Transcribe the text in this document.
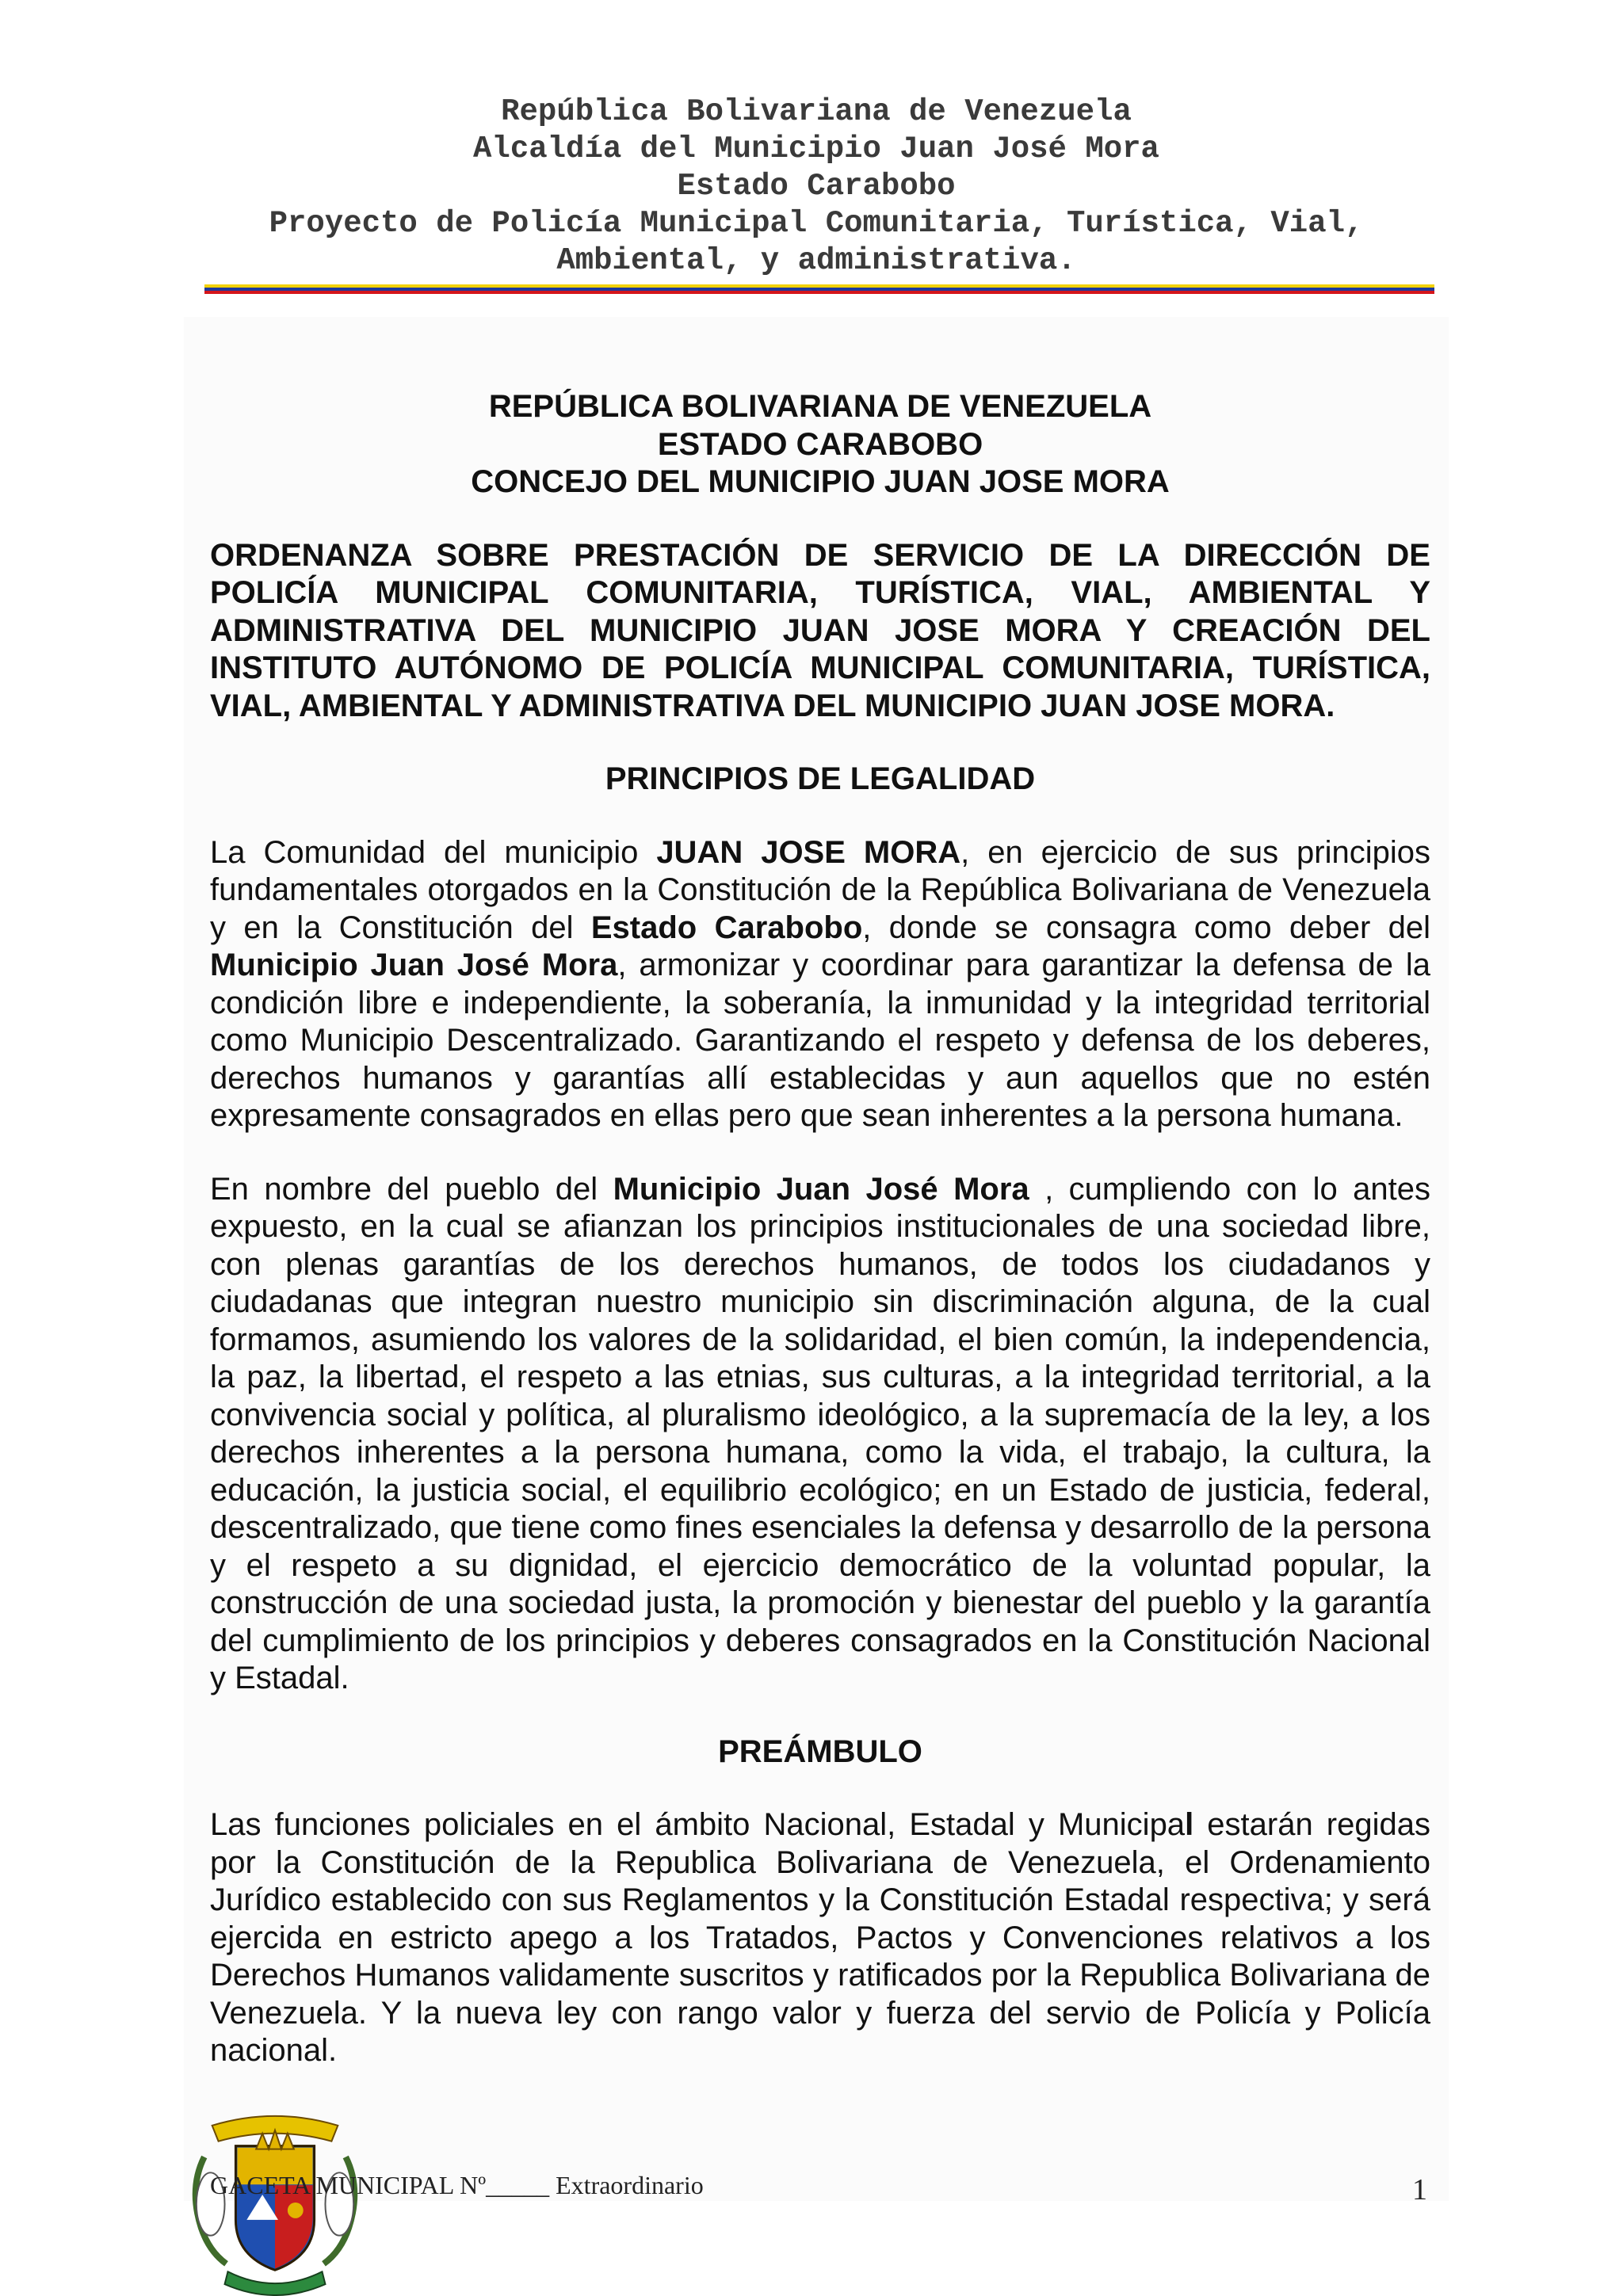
República Bolivariana de Venezuela
Alcaldía del Municipio Juan José Mora
Estado Carabobo
Proyecto de Policía Municipal Comunitaria, Turística, Vial,
Ambiental, y administrativa.
REPÚBLICA BOLIVARIANA DE VENEZUELA
ESTADO CARABOBO
CONCEJO DEL MUNICIPIO JUAN JOSE MORA
ORDENANZA SOBRE PRESTACIÓN DE SERVICIO DE LA DIRECCIÓN DE POLICÍA MUNICIPAL COMUNITARIA, TURÍSTICA, VIAL, AMBIENTAL Y ADMINISTRATIVA DEL MUNICIPIO JUAN JOSE MORA Y CREACIÓN DEL INSTITUTO AUTÓNOMO DE POLICÍA MUNICIPAL COMUNITARIA, TURÍSTICA, VIAL, AMBIENTAL Y ADMINISTRATIVA DEL MUNICIPIO JUAN JOSE MORA.
PRINCIPIOS DE LEGALIDAD
La Comunidad del municipio JUAN JOSE MORA, en ejercicio de sus principios fundamentales otorgados en la Constitución de la República Bolivariana de Venezuela y en la Constitución del Estado Carabobo, donde se consagra como deber del Municipio Juan José Mora, armonizar y coordinar para garantizar la defensa de la condición libre e independiente, la soberanía, la inmunidad y la integridad territorial como Municipio Descentralizado. Garantizando el respeto y defensa de los deberes, derechos humanos y garantías allí establecidas y aun aquellos que no estén expresamente consagrados en ellas pero que sean inherentes a la persona humana.
En nombre del pueblo del Municipio Juan José Mora , cumpliendo con lo antes expuesto, en la cual se afianzan los principios institucionales de una sociedad libre, con plenas garantías de los derechos humanos, de todos los ciudadanos y ciudadanas que integran nuestro municipio sin discriminación alguna, de la cual formamos, asumiendo los valores de la solidaridad, el bien común, la independencia, la paz, la libertad, el respeto a las etnias, sus culturas, a la integridad territorial, a la convivencia social y política, al pluralismo ideológico, a la supremacía de la ley, a los derechos inherentes a la persona humana, como la vida, el trabajo, la cultura, la educación, la justicia social, el equilibrio ecológico; en un Estado de justicia, federal, descentralizado, que tiene como fines esenciales la defensa y desarrollo de la persona y el respeto a su dignidad, el ejercicio democrático de la voluntad popular, la construcción de una sociedad justa, la promoción y bienestar del pueblo y la garantía del cumplimiento de los principios y deberes consagrados en la Constitución Nacional y Estadal.
PREÁMBULO
Las funciones policiales en el ámbito Nacional, Estadal y Municipal estarán regidas por la Constitución de la Republica Bolivariana de Venezuela, el Ordenamiento Jurídico establecido con sus Reglamentos y la Constitución Estadal respectiva; y será ejercida en estricto apego a los Tratados, Pactos y Convenciones relativos a los Derechos Humanos validamente suscritos y ratificados por la Republica Bolivariana de Venezuela. Y la nueva ley con rango valor y fuerza del servio de Policía y Policía nacional.
GACETA MUNICIPAL Nº_____ Extraordinario	1
